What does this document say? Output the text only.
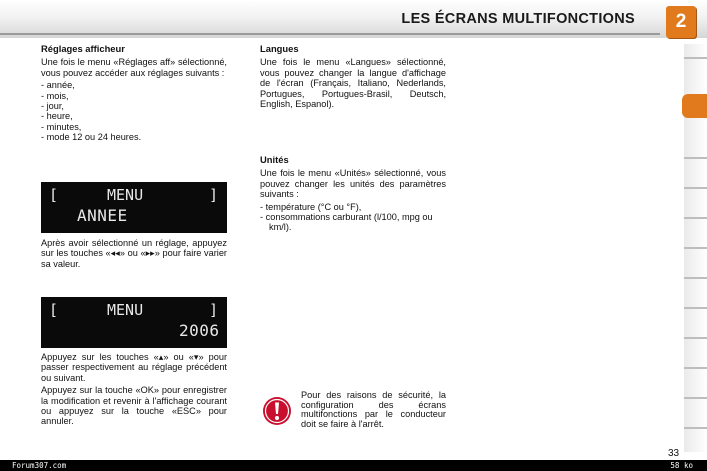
LES ÉCRANS MULTIFONCTIONS	2
Réglages afficheur
Une fois le menu «Réglages aff» sélectionné, vous pouvez accéder aux réglages suivants :
- année,
- mois,
- jour,
- heure,
- minutes,
- mode 12 ou 24 heures.

[

	MENU

	]

ANNEE
Après avoir sélectionné un réglage, appuyez sur les touches «◂◂» ou «▸▸» pour faire varier sa valeur.

[

	MENU

	]

2006
Appuyez sur les touches «▴» ou «▾» pour passer respectivement au réglage précédent ou suivant.
Appuyez sur la touche «OK» pour enregistrer la modification et revenir à l'affichage courant ou appuyez sur la touche «ESC» pour annuler.
Langues
Une fois le menu «Langues» sélectionné, vous pouvez changer la langue d'affichage de l'écran (Français, Italiano, Nederlands, Portugues, Portugues-Brasil, Deutsch, English, Espanol).
Unités
Une fois le menu «Unités» sélectionné, vous pouvez changer les unités des paramètres suivants :
- température (°C ou °F),
- consommations carburant (l/100, mpg ou km/l).
Pour des raisons de sécurité, la configuration des écrans multifonctions par le conducteur doit se faire à l'arrêt.
33
Forum307.com	58 ko
